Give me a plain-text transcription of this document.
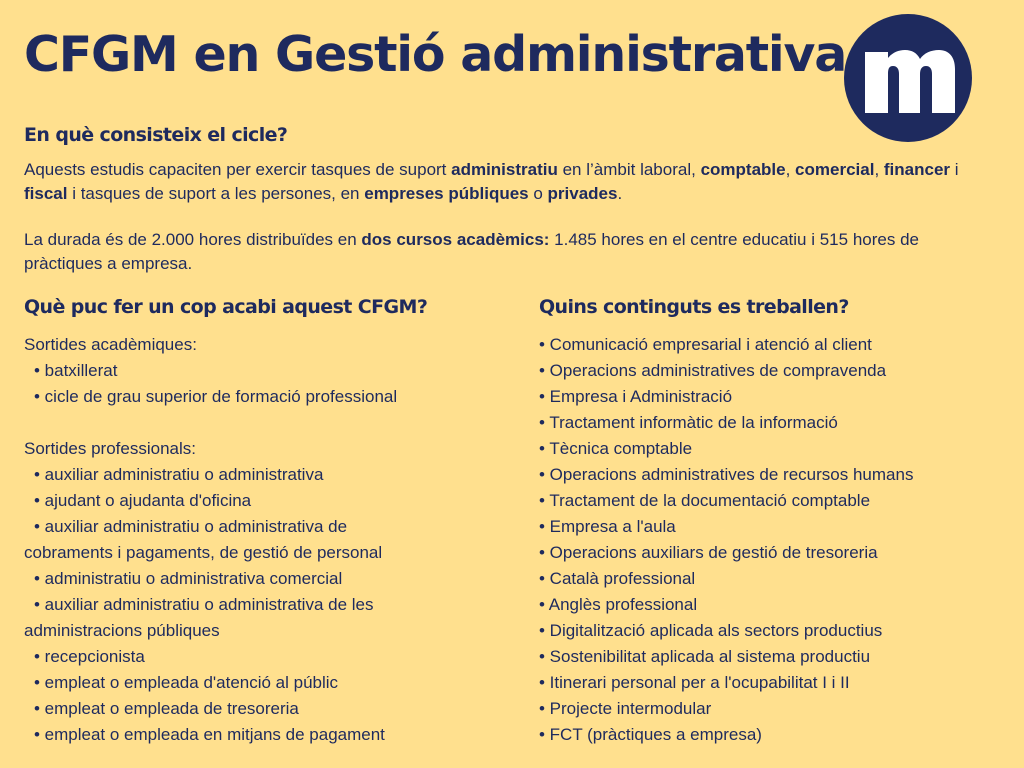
CFGM en Gestió administrativa
En què consisteix el cicle?

Aquests estudis capaciten per exercir tasques de suport administratiu en l’àmbit laboral, comptable, comercial, financer i fiscal i tasques de suport a les persones, en empreses públiques o privades.

La durada és de 2.000 hores distribuïdes en dos cursos acadèmics: 1.485 hores en el centre educatiu i 515 hores de pràctiques a empresa.

Què puc fer un cop acabi aquest CFGM?	Quins continguts es treballen?
Sortides acadèmiques:
• batxillerat
• cicle de grau superior de formació professional
Sortides professionals:
• auxiliar administratiu o administrativa
• ajudant o ajudanta d'oficina
• auxiliar administratiu o administrativa de
cobraments i pagaments, de gestió de personal
• administratiu o administrativa comercial
• auxiliar administratiu o administrativa de les
administracions públiques
• recepcionista
• empleat o empleada d'atenció al públic
• empleat o empleada de tresoreria
• empleat o empleada en mitjans de pagament
• Comunicació empresarial i atenció al client
• Operacions administratives de compravenda
• Empresa i Administració
• Tractament informàtic de la informació
• Tècnica comptable
• Operacions administratives de recursos humans
• Tractament de la documentació comptable
• Empresa a l'aula
• Operacions auxiliars de gestió de tresoreria
• Català professional
• Anglès professional
• Digitalització aplicada als sectors productius
• Sostenibilitat aplicada al sistema productiu
• Itinerari personal per a l'ocupabilitat I i II
• Projecte intermodular
• FCT (pràctiques a empresa)
